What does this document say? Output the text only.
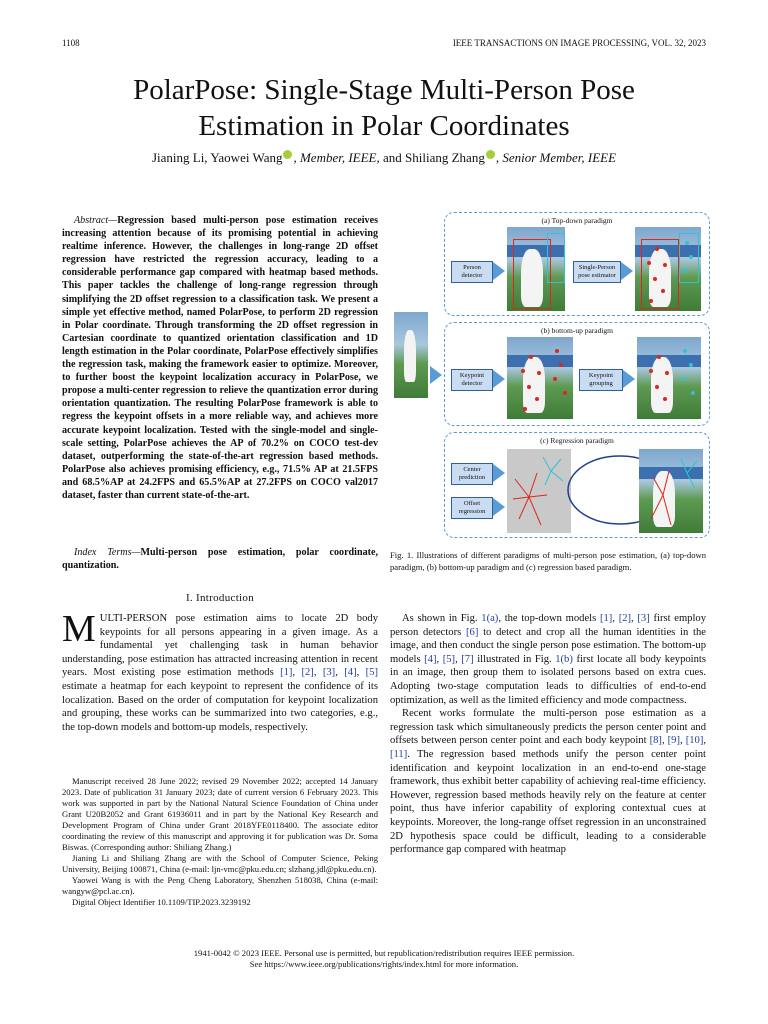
1108	IEEE TRANSACTIONS ON IMAGE PROCESSING, VOL. 32, 2023
PolarPose: Single-Stage Multi-Person Pose
Estimation in Polar Coordinates
Jianing Li, Yaowei Wang , Member, IEEE, and Shiliang Zhang , Senior Member, IEEE

Abstract—Regression based multi-person pose estimation receives increasing attention because of its promising potential in achieving realtime inference. However, the challenges in long-range 2D offset regression have restricted the regression accuracy, leading to a considerable performance gap compared with heatmap based methods. This paper tackles the challenge of long-range regression through simplifying the 2D offset regression to a classification task. We present a simple yet effective method, named PolarPose, to perform 2D regression in Polar coordinate. Through transforming the 2D offset regression in Cartesian coordinate to quantized orientation classification and 1D length estimation in the Polar coordinate, PolarPose effectively simplifies the regression task, making the framework easier to optimize. Moreover, to further boost the keypoint localization accuracy in PolarPose, we propose a multi-center regression to relieve the quantization error during orientation quantization. The resulting PolarPose framework is able to regress the keypoint offsets in a more reliable way, and achieves more accurate keypoint localization. Tested with the single-model and single-scale setting, PolarPose achieves the AP of 70.2% on COCO test-dev dataset, outperforming the state-of-the-art regression based methods. PolarPose also achieves promising efficiency, e.g., 71.5% AP at 21.5FPS and 68.5%AP at 24.2FPS and 65.5%AP at 27.2FPS on COCO val2017 dataset, faster than current state-of-the-art.

Index Terms—Multi-person pose estimation, polar coordinate, quantization.

I. Introduction

MULTI-PERSON pose estimation aims to locate 2D body keypoints for all persons appearing in a given image. As a fundamental yet challenging task in human behavior understanding, pose estimation has attracted increasing attention in recent years. Most existing pose estimation methods [1], [2], [3], [4], [5] estimate a heatmap for each keypoint to represent the confidence of its localization. Based on the order of computation for keypoint localization and grouping, these works can be summarized into two categories, e.g., the top-down models and bottom-up models, respectively.

Manuscript received 28 June 2022; revised 29 November 2022; accepted 14 January 2023. Date of publication 31 January 2023; date of current version 6 February 2023. This work was supported in part by the National Natural Science Foundation of China under Grant U20B2052 and Grant 61936011 and in part by the National Key Research and Development Program of China under Grant 2018YFE0118400. The associate editor coordinating the review of this manuscript and approving it for publication was Dr. Soma Biswas. (Corresponding author: Shiliang Zhang.)

Jianing Li and Shiliang Zhang are with the School of Computer Science, Peking University, Beijing 100871, China (e-mail: ljn-vmc@pku.edu.cn; slzhang.jdl@pku.edu.cn).

Yaowei Wang is with the Peng Cheng Laboratory, Shenzhen 518038, China (e-mail: wangyw@pcl.ac.cn).

Digital Object Identifier 10.1109/TIP.2023.3239192

(a) Top-down paradigm
Person detector
Single-Person pose estimator
(b) bottom-up paradigm
Keypoint detector
Keypoint grouping
(c) Regression paradigm
Center prediction
Offset regression
Fig. 1. Illustrations of different paradigms of multi-person pose estimation, (a) top-down paradigm, (b) bottom-up paradigm and (c) regression based paradigm.

As shown in Fig. 1(a), the top-down models [1], [2], [3] first employ person detectors [6] to detect and crop all the human identities in the image, and then conduct the single person pose estimation. The bottom-up models [4], [5], [7] illustrated in Fig. 1(b) first locate all body keypoints in an image, then group them to isolated persons based on extra cues. Adopting two-stage computation leads to difficulties of end-to-end optimization, as well as the limited efficiency and mode compactness.

Recent works formulate the multi-person pose estimation as a regression task which simultaneously predicts the person center point and offsets between person center point and each body keypoint [8], [9], [10], [11]. The regression based methods unify the person center point identification and keypoint localization in an end-to-end one-stage framework, thus exhibit better capability of achieving real-time efficiency. However, regression based methods heavily rely on the feature at center point, thus have inferior capability of exploring contextual cues at keypoints. Moreover, the long-range offset regression in an unconstrained 2D hypothesis space could be difficult, leading to a considerable performance gap compared with heatmap

1941-0042 © 2023 IEEE. Personal use is permitted, but republication/redistribution requires IEEE permission.
See https://www.ieee.org/publications/rights/index.html for more information.
